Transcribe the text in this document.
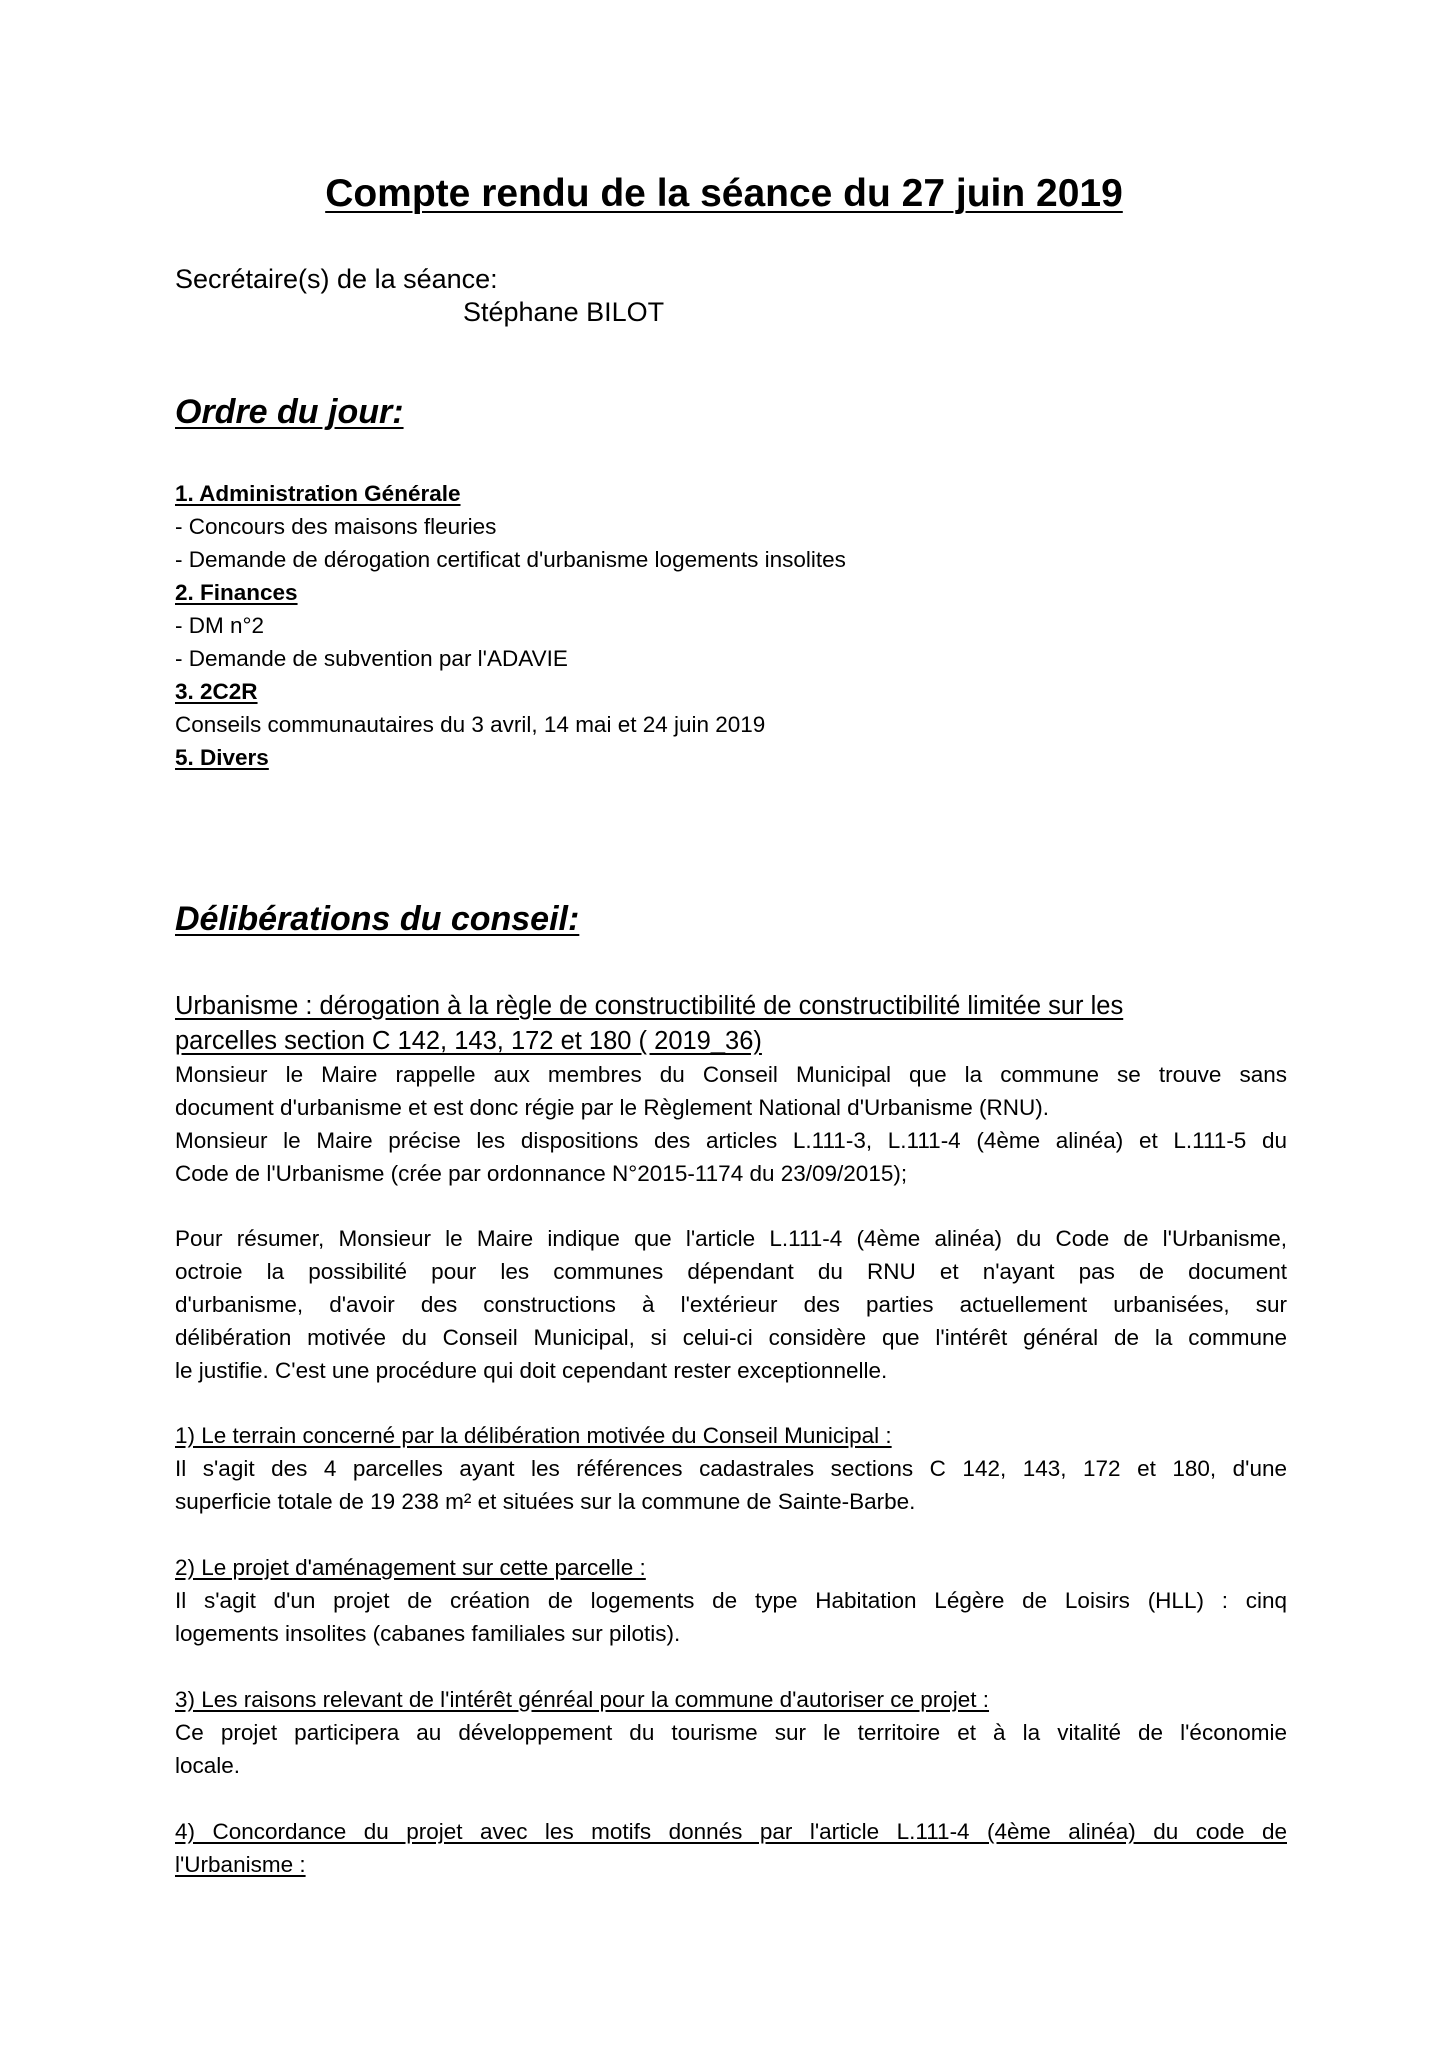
Compte rendu de la séance du 27 juin 2019
Secrétaire(s) de la séance:
Stéphane BILOT
Ordre du jour:
1. Administration Générale
- Concours des maisons fleuries
- Demande de dérogation certificat d'urbanisme logements insolites
2. Finances
- DM n°2
- Demande de subvention par l'ADAVIE
3. 2C2R
Conseils communautaires du 3 avril, 14 mai et 24 juin 2019
5. Divers
Délibérations du conseil:
Urbanisme : dérogation à la règle de constructibilité de constructibilité limitée sur les
parcelles section C 142, 143, 172 et 180 ( 2019_36)
Monsieur le Maire rappelle aux membres du Conseil Municipal que la commune se trouve sans
document d'urbanisme et est donc régie par le Règlement National d'Urbanisme (RNU).
Monsieur le Maire précise les dispositions des articles L.111-3, L.111-4 (4ème alinéa) et L.111-5 du
Code de l'Urbanisme (crée par ordonnance N°2015-1174 du 23/09/2015);
Pour résumer, Monsieur le Maire indique que l'article L.111-4 (4ème alinéa) du Code de l'Urbanisme,
octroie la possibilité pour les communes dépendant du RNU et n'ayant pas de document
d'urbanisme, d'avoir des constructions à l'extérieur des parties actuellement urbanisées, sur
délibération motivée du Conseil Municipal, si celui-ci considère que l'intérêt général de la commune
le justifie. C'est une procédure qui doit cependant rester exceptionnelle.
1) Le terrain concerné par la délibération motivée du Conseil Municipal :
Il s'agit des 4 parcelles ayant les références cadastrales sections C 142, 143, 172 et 180, d'une
superficie totale de 19 238 m² et situées sur la commune de Sainte-Barbe.
2) Le projet d'aménagement sur cette parcelle :
Il s'agit d'un projet de création de logements de type Habitation Légère de Loisirs (HLL) : cinq
logements insolites (cabanes familiales sur pilotis).
3) Les raisons relevant de l'intérêt génréal pour la commune d'autoriser ce projet :
Ce projet participera au développement du tourisme sur le territoire et à la vitalité de l'économie
locale.
4) Concordance du projet avec les motifs donnés par l'article L.111-4 (4ème alinéa) du code de
l'Urbanisme :
